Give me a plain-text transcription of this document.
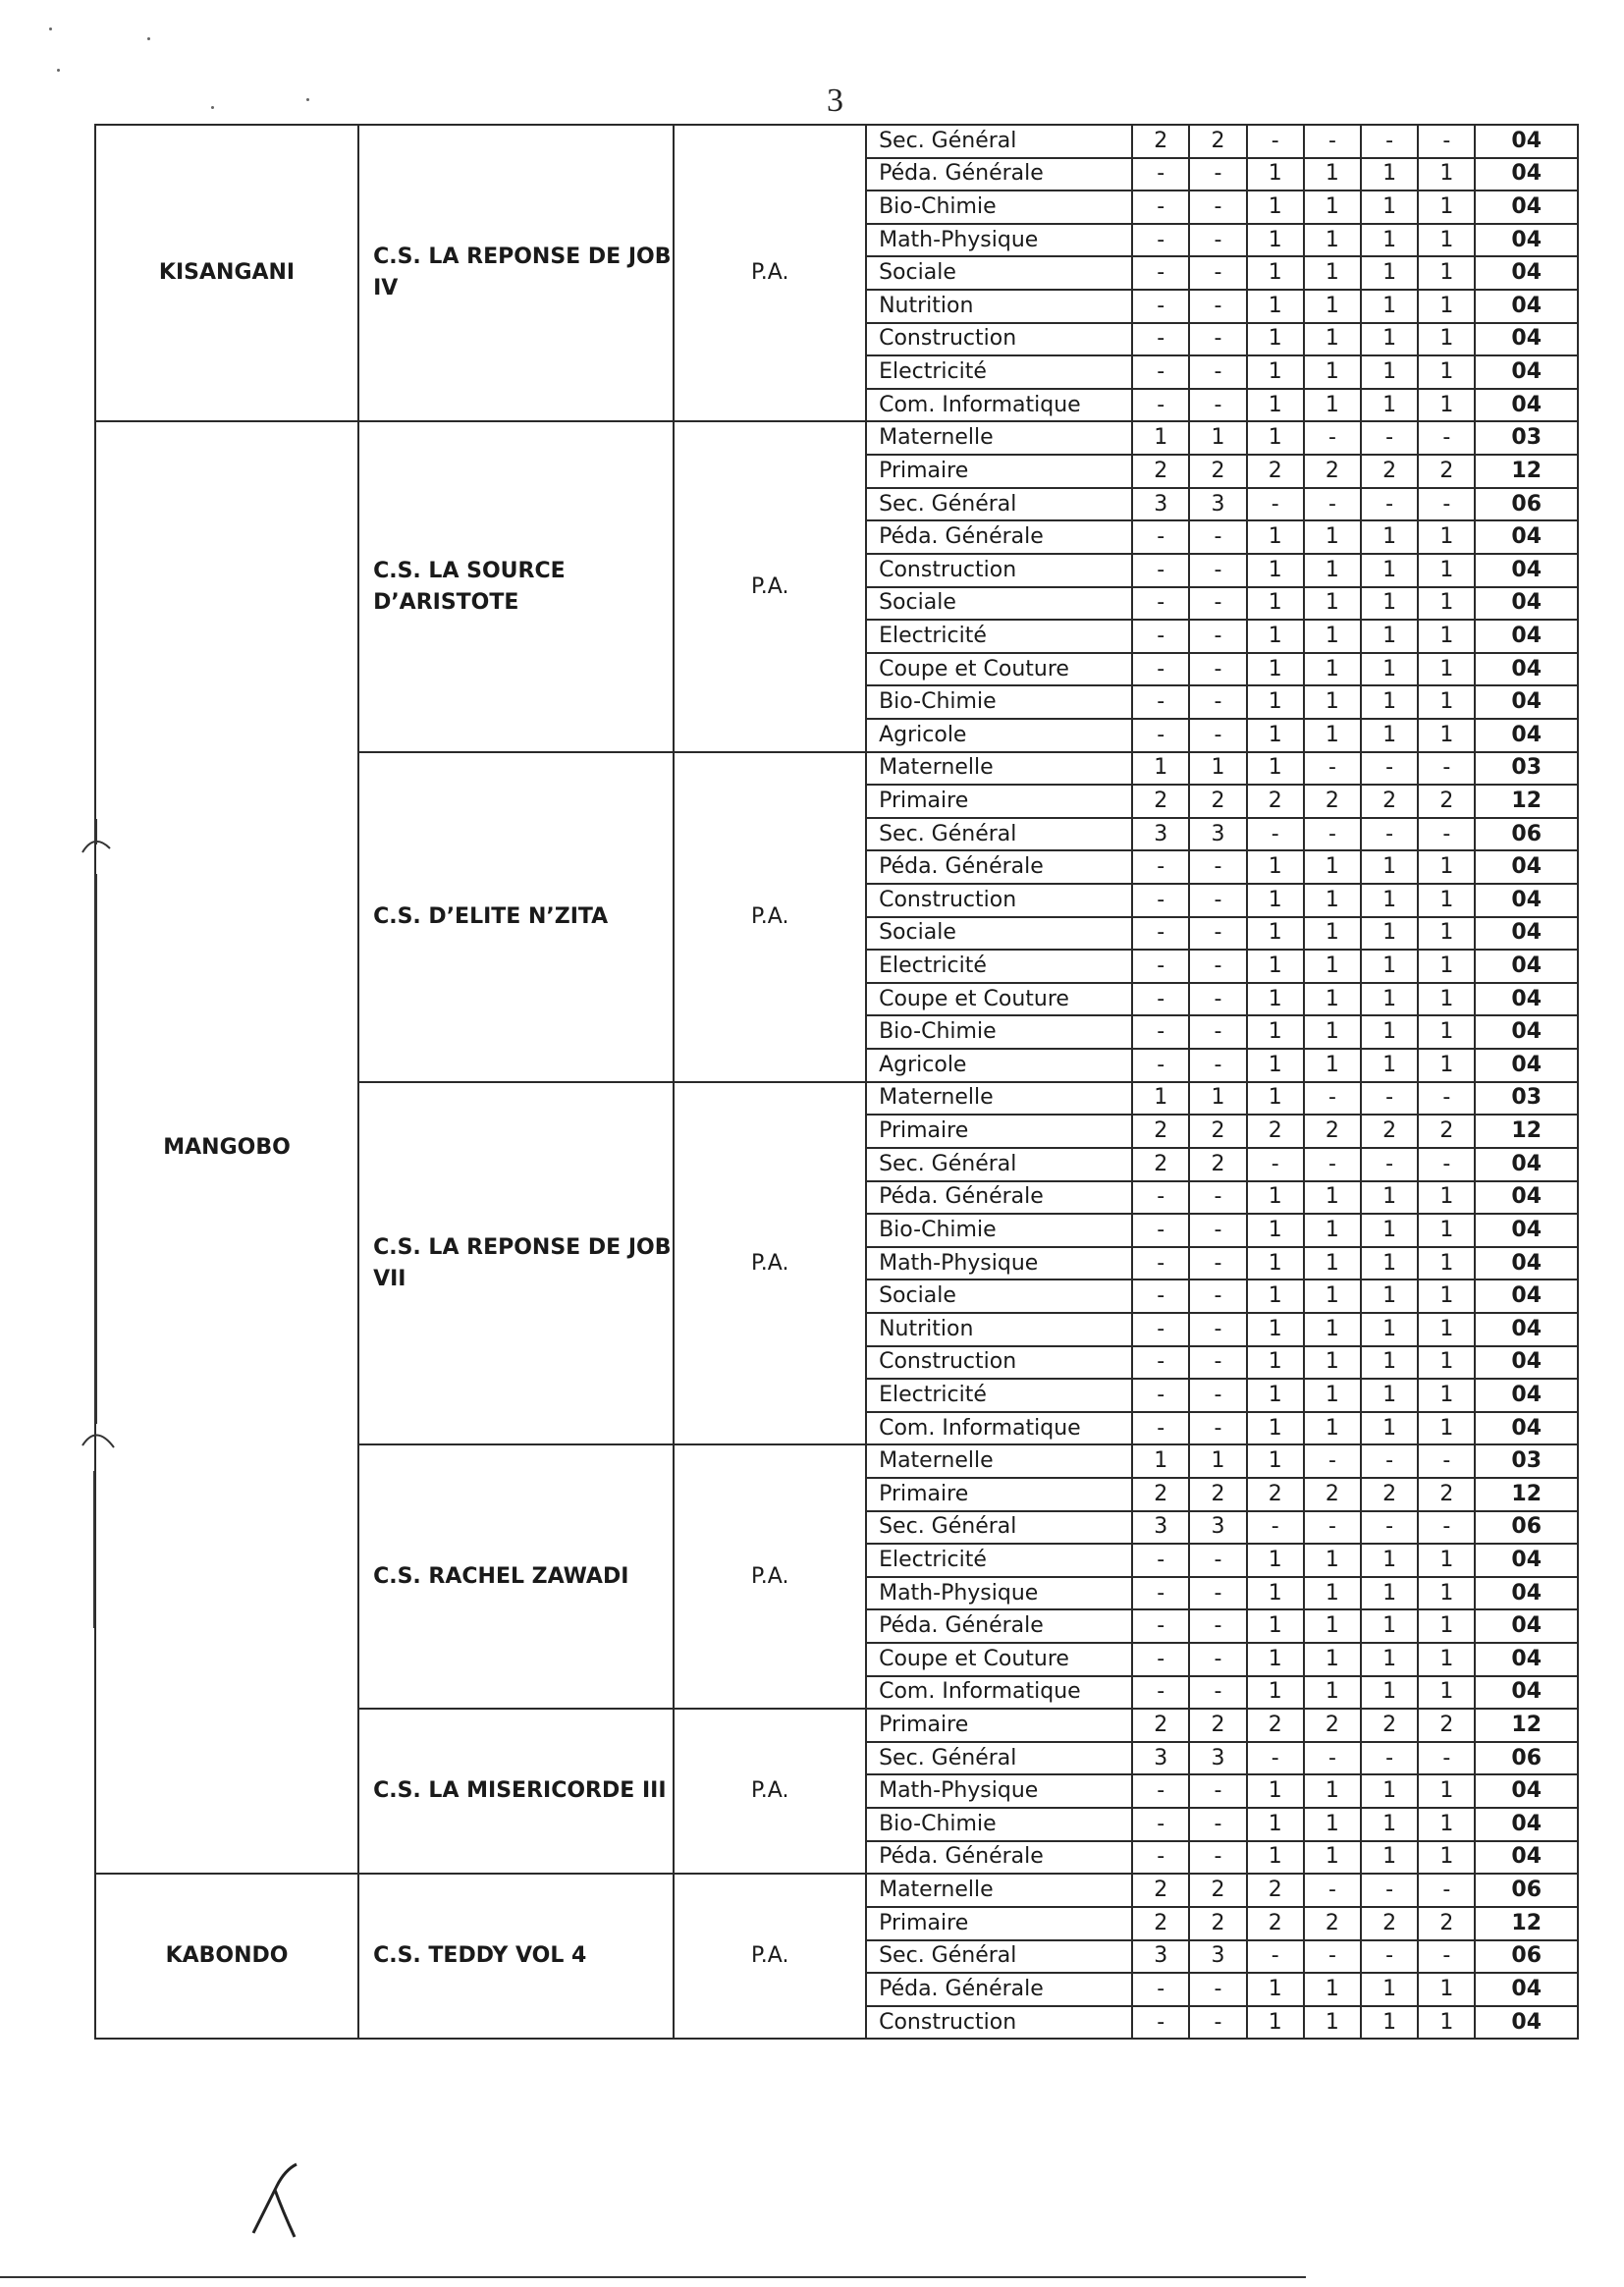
3
KISANGANI	C.S. LA REPONSE DE JOB IV	P.A.	Sec. Général	2	2	-	-	-	-	04
			Péda. Générale	-	-	1	1	1	1	04
			Bio-Chimie	-	-	1	1	1	1	04
			Math-Physique	-	-	1	1	1	1	04
			Sociale	-	-	1	1	1	1	04
			Nutrition	-	-	1	1	1	1	04
			Construction	-	-	1	1	1	1	04
			Electricité	-	-	1	1	1	1	04
			Com. Informatique	-	-	1	1	1	1	04
MANGOBO	C.S. LA SOURCE D’ARISTOTE	P.A.	Maternelle	1	1	1	-	-	-	03
			Primaire	2	2	2	2	2	2	12
			Sec. Général	3	3	-	-	-	-	06
			Péda. Générale	-	-	1	1	1	1	04
			Construction	-	-	1	1	1	1	04
			Sociale	-	-	1	1	1	1	04
			Electricité	-	-	1	1	1	1	04
			Coupe et Couture	-	-	1	1	1	1	04
			Bio-Chimie	-	-	1	1	1	1	04
			Agricole	-	-	1	1	1	1	04
	C.S. D’ELITE N’ZITA	P.A.	Maternelle	1	1	1	-	-	-	03
			Primaire	2	2	2	2	2	2	12
			Sec. Général	3	3	-	-	-	-	06
			Péda. Générale	-	-	1	1	1	1	04
			Construction	-	-	1	1	1	1	04
			Sociale	-	-	1	1	1	1	04
			Electricité	-	-	1	1	1	1	04
			Coupe et Couture	-	-	1	1	1	1	04
			Bio-Chimie	-	-	1	1	1	1	04
			Agricole	-	-	1	1	1	1	04
	C.S. LA REPONSE DE JOB VII	P.A.	Maternelle	1	1	1	-	-	-	03
			Primaire	2	2	2	2	2	2	12
			Sec. Général	2	2	-	-	-	-	04
			Péda. Générale	-	-	1	1	1	1	04
			Bio-Chimie	-	-	1	1	1	1	04
			Math-Physique	-	-	1	1	1	1	04
			Sociale	-	-	1	1	1	1	04
			Nutrition	-	-	1	1	1	1	04
			Construction	-	-	1	1	1	1	04
			Electricité	-	-	1	1	1	1	04
			Com. Informatique	-	-	1	1	1	1	04
	C.S. RACHEL ZAWADI	P.A.	Maternelle	1	1	1	-	-	-	03
			Primaire	2	2	2	2	2	2	12
			Sec. Général	3	3	-	-	-	-	06
			Electricité	-	-	1	1	1	1	04
			Math-Physique	-	-	1	1	1	1	04
			Péda. Générale	-	-	1	1	1	1	04
			Coupe et Couture	-	-	1	1	1	1	04
			Com. Informatique	-	-	1	1	1	1	04
	C.S. LA MISERICORDE III	P.A.	Primaire	2	2	2	2	2	2	12
			Sec. Général	3	3	-	-	-	-	06
			Math-Physique	-	-	1	1	1	1	04
			Bio-Chimie	-	-	1	1	1	1	04
			Péda. Générale	-	-	1	1	1	1	04
KABONDO	C.S. TEDDY VOL 4	P.A.	Maternelle	2	2	2	-	-	-	06
			Primaire	2	2	2	2	2	2	12
			Sec. Général	3	3	-	-	-	-	06
			Péda. Générale	-	-	1	1	1	1	04
			Construction	-	-	1	1	1	1	04
